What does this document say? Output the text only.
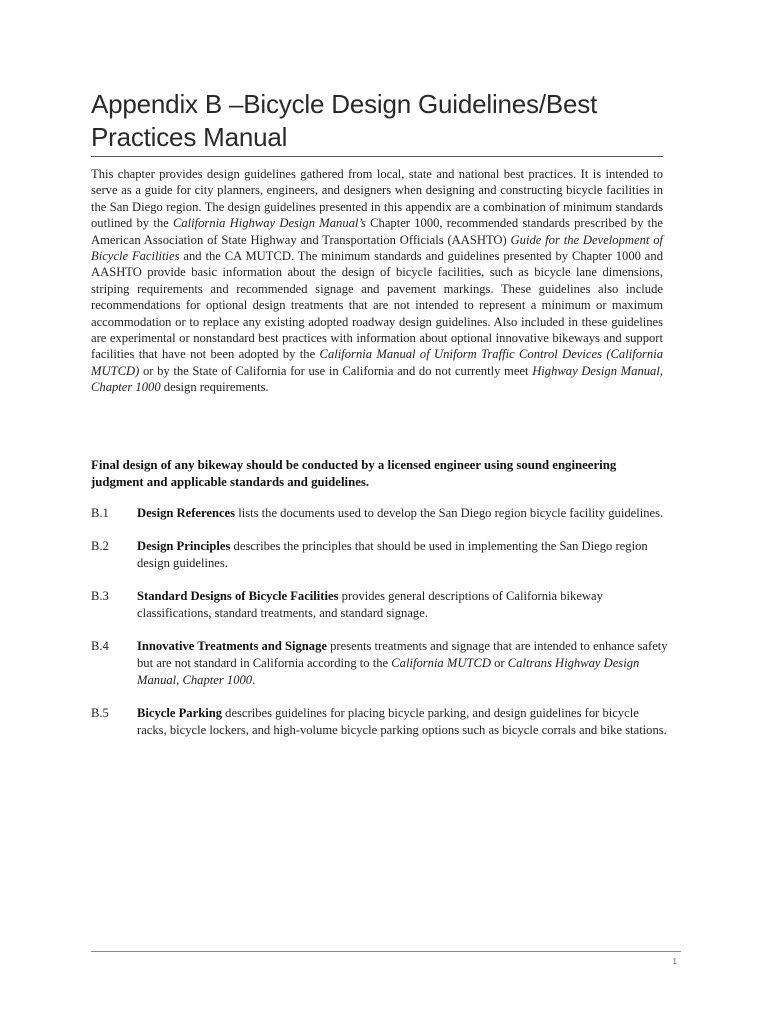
Appendix B –Bicycle Design Guidelines/Best
Practices Manual
This chapter provides design guidelines gathered from local, state and national best practices. It is intended to serve as a guide for city planners, engineers, and designers when designing and constructing bicycle facilities in the San Diego region. The design guidelines presented in this appendix are a combination of minimum standards outlined by the California Highway Design Manual’s Chapter 1000, recommended standards prescribed by the American Association of State Highway and Transportation Officials (AASHTO) Guide for the Development of Bicycle Facilities and the CA MUTCD. The minimum standards and guidelines presented by Chapter 1000 and AASHTO provide basic information about the design of bicycle facilities, such as bicycle lane dimensions, striping requirements and recommended signage and pavement markings. These guidelines also include recommendations for optional design treatments that are not intended to represent a minimum or maximum accommodation or to replace any existing adopted roadway design guidelines. Also included in these guidelines are experimental or nonstandard best practices with information about optional innovative bikeways and support facilities that have not been adopted by the California Manual of Uniform Traffic Control Devices (California MUTCD) or by the State of California for use in California and do not currently meet Highway Design Manual, Chapter 1000 design requirements.
Final design of any bikeway should be conducted by a licensed engineer using sound engineering judgment and applicable standards and guidelines.
B.1	Design References lists the documents used to develop the San Diego region bicycle facility guidelines.
B.2	Design Principles describes the principles that should be used in implementing the San Diego region design guidelines.
B.3	Standard Designs of Bicycle Facilities provides general descriptions of California bikeway classifications, standard treatments, and standard signage.
B.4	Innovative Treatments and Signage presents treatments and signage that are intended to enhance safety but are not standard in California according to the California MUTCD or Caltrans Highway Design Manual, Chapter 1000.
B.5	Bicycle Parking describes guidelines for placing bicycle parking, and design guidelines for bicycle racks, bicycle lockers, and high-volume bicycle parking options such as bicycle corrals and bike stations.
1
